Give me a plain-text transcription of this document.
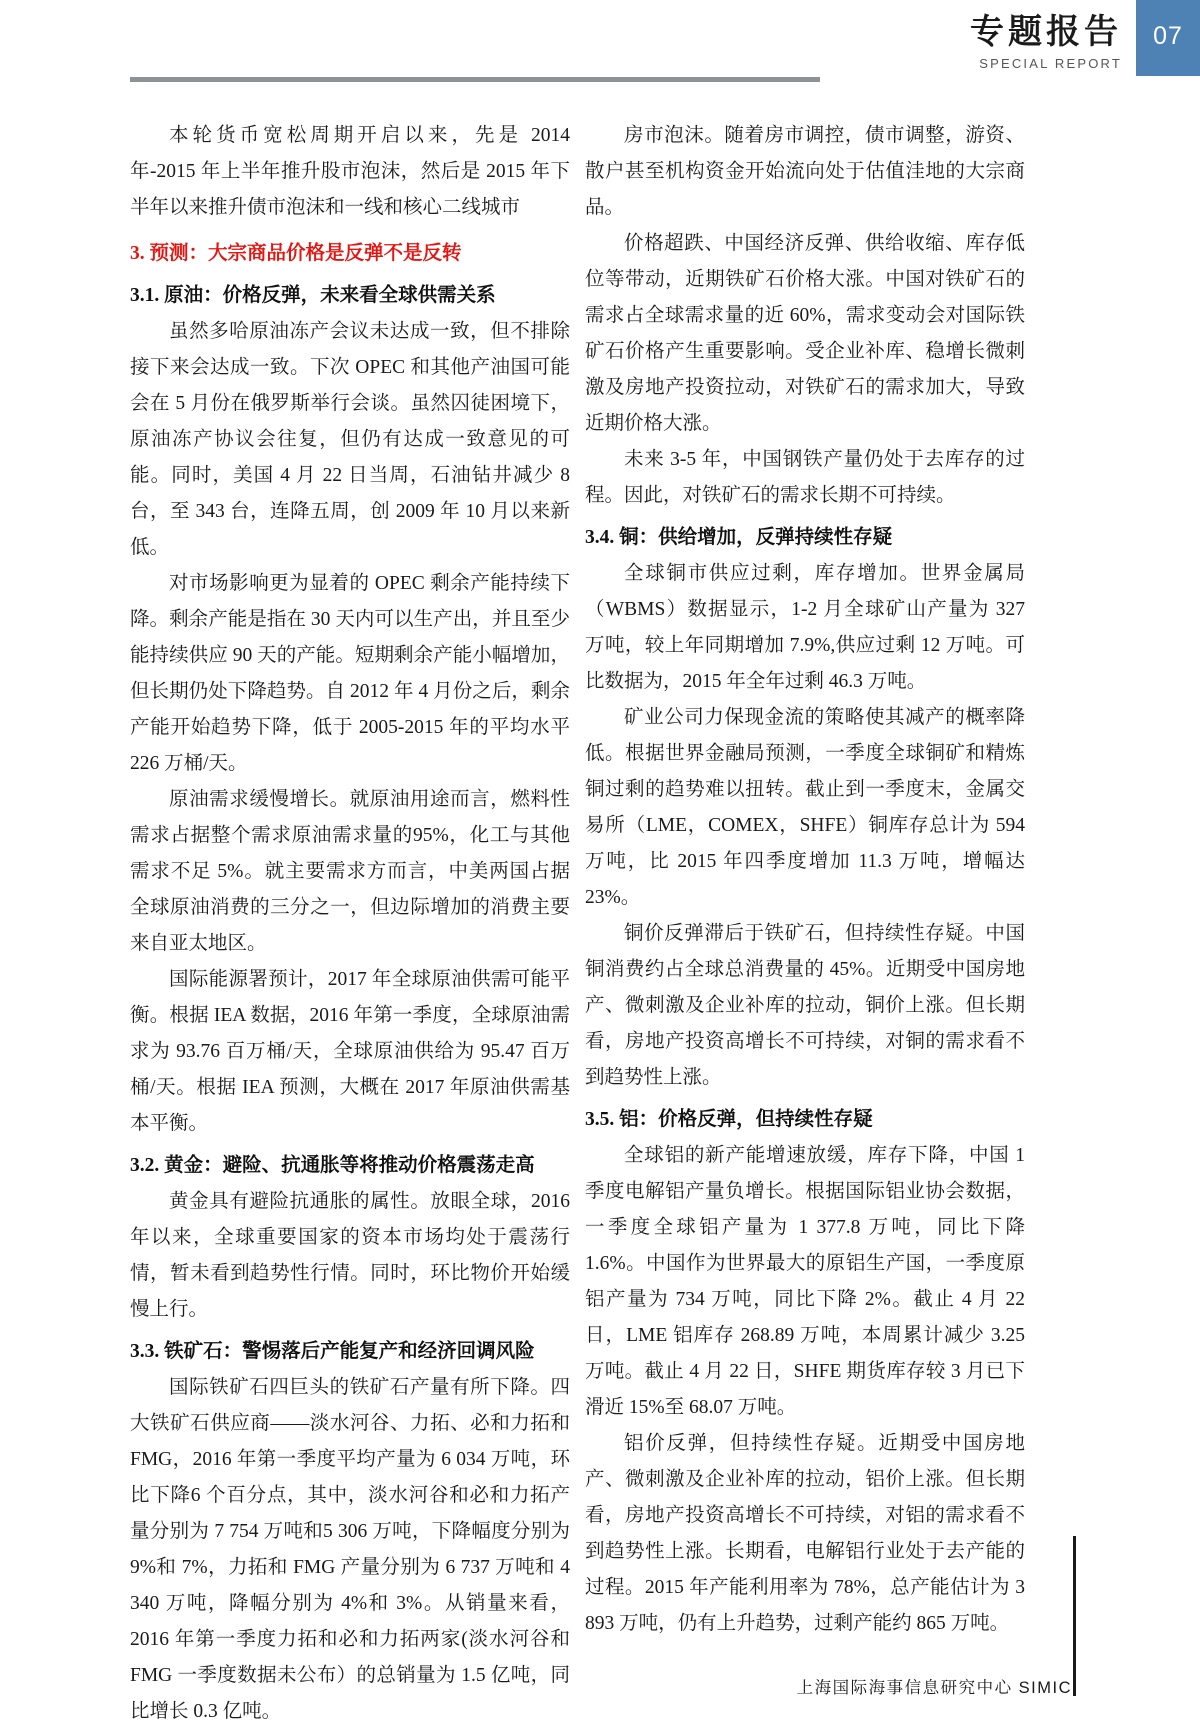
专题报告
SPECIAL REPORT
07

本轮货币宽松周期开启以来，先是 2014 年-2015 年上半年推升股市泡沫，然后是 2015 年下半年以来推升债市泡沫和一线和核心二线城市

3. 预测：大宗商品价格是反弹不是反转
3.1. 原油：价格反弹，未来看全球供需关系

虽然多哈原油冻产会议未达成一致，但不排除接下来会达成一致。下次 OPEC 和其他产油国可能会在 5 月份在俄罗斯举行会谈。虽然囚徒困境下，原油冻产协议会往复，但仍有达成一致意见的可能。同时，美国 4 月 22 日当周，石油钻井减少 8 台，至 343 台，连降五周，创 2009 年 10 月以来新低。

对市场影响更为显着的 OPEC 剩余产能持续下降。剩余产能是指在 30 天内可以生产出，并且至少能持续供应 90 天的产能。短期剩余产能小幅增加，但长期仍处下降趋势。自 2012 年 4 月份之后，剩余产能开始趋势下降，低于 2005-2015 年的平均水平 226 万桶/天。

原油需求缓慢增长。就原油用途而言，燃料性需求占据整个需求原油需求量的95%，化工与其他需求不足 5%。就主要需求方而言，中美两国占据全球原油消费的三分之一，但边际增加的消费主要来自亚太地区。

国际能源署预计，2017 年全球原油供需可能平衡。根据 IEA 数据，2016 年第一季度，全球原油需求为 93.76 百万桶/天，全球原油供给为 95.47 百万桶/天。根据 IEA 预测，大概在 2017 年原油供需基本平衡。

3.2. 黄金：避险、抗通胀等将推动价格震荡走高

黄金具有避险抗通胀的属性。放眼全球，2016 年以来，全球重要国家的资本市场均处于震荡行情，暂未看到趋势性行情。同时，环比物价开始缓慢上行。

3.3. 铁矿石：警惕落后产能复产和经济回调风险

国际铁矿石四巨头的铁矿石产量有所下降。四大铁矿石供应商——淡水河谷、力拓、必和力拓和 FMG，2016 年第一季度平均产量为 6 034 万吨，环比下降6 个百分点，其中，淡水河谷和必和力拓产量分别为 7 754 万吨和5 306 万吨，下降幅度分别为 9%和 7%，力拓和 FMG 产量分别为 6 737 万吨和 4 340 万吨，降幅分别为 4%和 3%。从销量来看，2016 年第一季度力拓和必和力拓两家(淡水河谷和FMG 一季度数据未公布）的总销量为 1.5 亿吨，同比增长 0.3 亿吨。

房市泡沫。随着房市调控，债市调整，游资、散户甚至机构资金开始流向处于估值洼地的大宗商品。

价格超跌、中国经济反弹、供给收缩、库存低位等带动，近期铁矿石价格大涨。中国对铁矿石的需求占全球需求量的近 60%，需求变动会对国际铁矿石价格产生重要影响。受企业补库、稳增长微刺激及房地产投资拉动，对铁矿石的需求加大，导致近期价格大涨。

未来 3-5 年，中国钢铁产量仍处于去库存的过程。因此，对铁矿石的需求长期不可持续。

3.4. 铜：供给增加，反弹持续性存疑

全球铜市供应过剩，库存增加。世界金属局（WBMS）数据显示，1-2 月全球矿山产量为 327 万吨，较上年同期增加 7.9%,供应过剩 12 万吨。可比数据为，2015 年全年过剩 46.3 万吨。

矿业公司力保现金流的策略使其减产的概率降低。根据世界金融局预测，一季度全球铜矿和精炼铜过剩的趋势难以扭转。截止到一季度末，金属交易所（LME，COMEX，SHFE）铜库存总计为 594 万吨，比 2015 年四季度增加 11.3 万吨，增幅达 23%。

铜价反弹滞后于铁矿石，但持续性存疑。中国铜消费约占全球总消费量的 45%。近期受中国房地产、微刺激及企业补库的拉动，铜价上涨。但长期看，房地产投资高增长不可持续，对铜的需求看不到趋势性上涨。

3.5. 铝：价格反弹，但持续性存疑

全球铝的新产能增速放缓，库存下降，中国 1 季度电解铝产量负增长。根据国际铝业协会数据，一季度全球铝产量为 1 377.8 万吨，同比下降 1.6%。中国作为世界最大的原铝生产国，一季度原铝产量为 734 万吨，同比下降 2%。截止 4 月 22 日，LME 铝库存 268.89 万吨，本周累计减少 3.25 万吨。截止 4 月 22 日，SHFE 期货库存较 3 月已下滑近 15%至 68.07 万吨。

铝价反弹，但持续性存疑。近期受中国房地产、微刺激及企业补库的拉动，铝价上涨。但长期看，房地产投资高增长不可持续，对铝的需求看不到趋势性上涨。长期看，电解铝行业处于去产能的过程。2015 年产能利用率为 78%，总产能估计为 3 893 万吨，仍有上升趋势，过剩产能约 865 万吨。

上海国际海事信息研究中心 SIMIC
